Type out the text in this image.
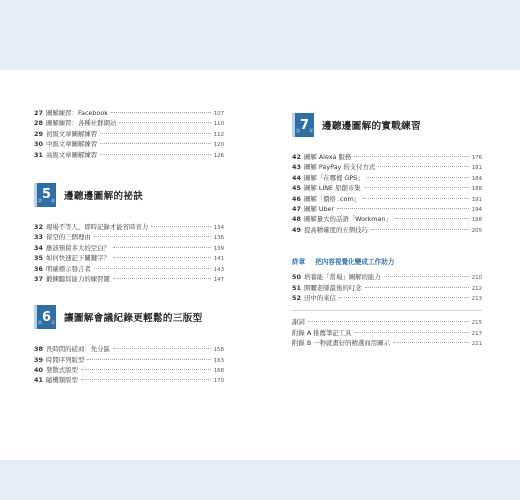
27 圖解練習：Facebook	107
28 圖解練習：各種社群網站	110
29 初級文章圖解練習	112
30 中級文章圖解練習	120
31 高級文章圖解練習	126
第 5 章 邊聽邊圖解的祕訣
32 現場不等人，即時記錄才能省時省力	134
33 留空的三個理由	136
34 應該預留多大的空白？	139
35 如何快速記下關鍵字？	141
36 明確標示發言者	143
37 鍛鍊聽寫能力的練習題	147
第 6 章 讓圖解會議紀錄更輕鬆的三版型
38 長時間的磋商：先分區	158
39 時間序列版型	163
40 發散式版型	168
41 隨機類版型	170
第 7 章 邊聽邊圖解的實戰練習
42 圖解 Alexa 服務	176
43 圖解 PayPay 的支付方式	181
44 圖解「在哪裡 GPS」	184
45 圖解 LINE 原創市集	188
46 圖解「價格 .com」	191
47 圖解 Uber	194
48 圖解量大的話語「Workman」	198
49 提高精確度的五個技巧	205
終章 把內容視覺化變成工作助力
50 培養能「當場」圖解的能力	210
51 開曬老師最後的叮念	212
52 田中的來信	213
謝詞	215
附錄 A 推薦筆記工具	217
附錄 B 一秒就畫好的精選商用圖示	221
